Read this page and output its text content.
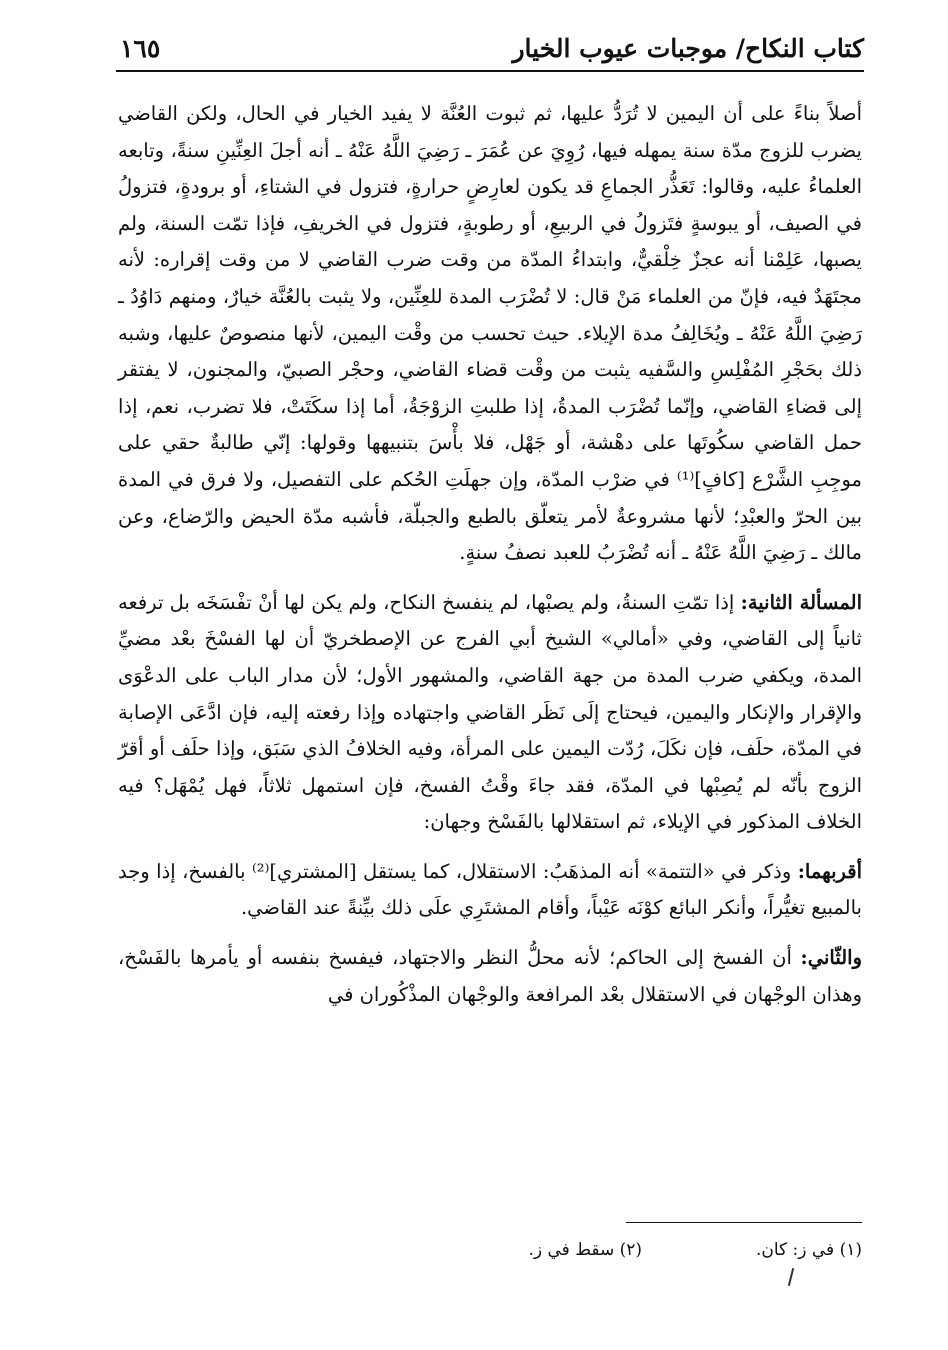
كتاب النكاح/ موجبات عيوب الخيار
١٦٥

أصلاً بناءً على أن اليمين لا تُرَدُّ عليها، ثم ثبوت العُنَّة لا يفيد الخيار في الحال، ولكن القاضي يضرب للزوج مدّة سنة يمهله فيها، رُوِيَ عن عُمَرَ ـ رَضِيَ اللَّهُ عَنْهُ ـ أنه أجلَ العِنِّينِ سنةً، وتابعه العلماءُ عليه، وقالوا: تَعَذُّر الجماعِ قد يكون لعارِضٍ حرارةٍ، فتزول في الشتاءِ، أو برودةٍ، فتزولُ في الصيف، أو يبوسةٍ فتَزولُ في الربيعِ، أو رطوبةٍ، فتزول في الخريفِ، فإذا تمّت السنة، ولم يصبها، عَلِمْنا أنه عجزٌ خِلْقيٌّ، وابتداءُ المدّة من وقت ضرب القاضي لا من وقت إقراره: لأنه مجتَهَدٌ فيه، فإنّ من العلماء مَنْ قال: لا تُضْرَب المدة للعِنِّين، ولا يثبت بالعُنَّة خيارٌ، ومنهم دَاوُدُ ـ رَضِيَ اللَّهُ عَنْهُ ـ ويُخَالِفُ مدة الإيلاء. حيث تحسب من وقْت اليمين، لأنها منصوصٌ عليها، وشبه ذلك بحَجْرِ المُفْلِسِ والسَّفيه يثبت من وقْت قضاء القاضي، وحجْر الصبيّ، والمجنون، لا يفتقر إلى قضاءِ القاضي، وإنّما تُضْرَب المدةُ، إذا طلبتِ الزوْجَةُ، أما إذا سكَتَتْ، فلا تضرب، نعم، إذا حمل القاضي سكُوتَها على دهْشة، أو جَهْل، فلا بأْسَ بتنبيهها وقولها: إنّي طالبةٌ حقي على موجِبِ الشَّرْع [كافٍ]⁽¹⁾ في ضرْب المدّة، وإن جهلَتِ الحُكم على التفصيل، ولا فرق في المدة بين الحرّ والعبْدِ؛ لأنها مشروعةٌ لأمر يتعلّق بالطبع والجبلّة، فأشبه مدّة الحيض والرّضاع، وعن مالك ـ رَضِيَ اللَّهُ عَنْهُ ـ أنه تُضْرَبُ للعبد نصفُ سنةٍ.

المسألة الثانية: إذا تمّتِ السنةُ، ولم يصبْها، لم ينفسخ النكاح، ولم يكن لها أنْ تفْسَخَه بل ترفعه ثانياً إلى القاضي، وفي «أمالي» الشيخ أبي الفرج عن الإصطخريّ أن لها الفسْخَ بعْد مضيِّ المدة، ويكفي ضرب المدة من جهة القاضي، والمشهور الأول؛ لأن مدار الباب على الدعْوَى والإقرار والإنكار واليمين، فيحتاج إلَى نَظَر القاضي واجتهاده وإذا رفعته إليه، فإن ادَّعَى الإصابة في المدّة، حلَف، فإن نكَلَ، رُدّت اليمين على المرأة، وفيه الخلافُ الذي سَبَق، وإذا حلَف أو أقرّ الزوج بأنّه لم يُصِبْها في المدّة، فقد جاءَ وقْتُ الفسخ، فإن استمهل ثلاثاً، فهل يُمْهَل؟ فيه الخلاف المذكور في الإيلاء، ثم استقلالها بالفَسْخ وجهان:

أقربهما: وذكر في «التتمة» أنه المذهَبُ: الاستقلال، كما يستقل [المشتري]⁽²⁾ بالفسخ، إذا وجد بالمبيع تغيُّراً، وأنكر البائع كوْنَه عَيْباً، وأقام المشتَرِي علَى ذلك بيِّنةً عند القاضي.

والثّاني: أن الفسخ إلى الحاكم؛ لأنه محلُّ النظر والاجتهاد، فيفسخ بنفسه أو يأمرها بالفَسْخ، وهذان الوجْهان في الاستقلال بعْد المرافعة والوجْهان المذْكُوران في

(١) في ز: كان.(٢) سقط في ز.
